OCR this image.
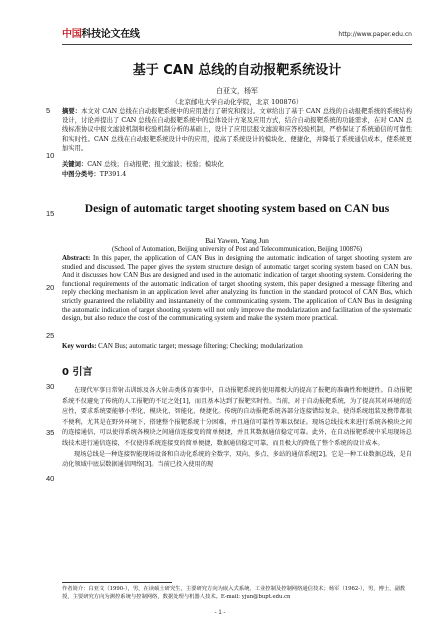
中国科技论文在线	http://www.paper.edu.cn
5
10
15
20
25
30
35
40
基于 CAN 总线的自动报靶系统设计
白亚文，杨军
（北京邮电大学自动化学院，北京 100876）
摘要：本文对 CAN 总线在自动报靶系统中的应用进行了研究和探讨。文章给出了基于 CAN 总线的自动报靶系统的系统结构设计，讨论并提出了 CAN 总线在自动报靶系统中的总体设计方案及应用方式，结合自动报靶系统的功能需求，在对 CAN 总线标准协议中报文滤波机制和校验机制分析的基础上，设计了应用层报文滤波和应答校验机制，严格保证了系统通信的可靠性和实时性。CAN 总线在自动报靶系统设计中的应用，提高了系统设计的模块化、便捷化，并降低了系统通信成本，使系统更加实用。
关键词：CAN 总线；自动报靶；报文滤波；校验；模块化
中图分类号：TP391.4
Design of automatic target shooting system based on CAN bus
Bai Yawen, Yang Jun
(School of Automation, Beijing university of Post and Telecommunication, Beijing 100876)
Abstract: In this paper, the application of CAN Bus in designing the automatic indication of target shooting system are studied and discussed. The paper gives the system structure design of automatic target scoring system based on CAN bus. And it discusses how CAN Bus are designed and used in the automatic indication of target shooting system. Considering the functional requirements of the automatic indication of target shooting system, this paper designed a message filtering and reply checking mechanism in an application level after analyzing its function in the standard protocol of CAN Bus, which strictly guaranteed the reliability and instantaneity of the communicating system. The application of CAN Bus in designing the automatic indication of target shooting system will not only improve the modularization and facilitation of the systematic design, but also reduce the cost of the communicating system and make the system more practical.
Key words: CAN Bus; automatic target; message filtering; Checking; modularization
0 引言

在现代军事日常射击训练及各大射击类体育赛事中，自动报靶系统的使用都极大的提高了报靶的准确性和便捷性。自动报靶系统不仅避免了传统的人工报靶的不足之处[1]，而且基本达到了报靶实时性。当前，对于自动报靶系统，为了提高其对环境的适应性，要求系统要能够小型化、模块化、智能化、便捷化。传统的自动报靶系统各部分连接错综复杂，使得系统组装及携带都很不便利，尤其是在野外环境下，搭建整个报靶系统十分困难，并且通信可靠性等难以保证。现场总线技术来进行系统各模块之间的连接通信，可以使得系统各模块之间通信连接变的简单便捷，并且其数据通信稳定可靠。此外，在自动报靶系统中采用现场总线技术进行通信连接，不仅使得系统连接变的简单便捷，数据通信稳定可靠，而且极大的降低了整个系统的设计成本。

现场总线是一种连接智能现场设备和自动化系统的全数字、双向、多点、多站的通信系统[2]。它是一种工业数据总线，是自动化领域中底层数据通信网络[3]。当前已投入使用的现

作者简介：白亚文（1990-），男，在读硕士研究生，主要研究方向为嵌入式系统、工业控制及控制网络通信技术；杨军（1962-），男，博士，副教授，主要研究方向为测控系统与控制网络，数据处理与机器人技术。E-mail: yjun@bupt.edu.cn
- 1 -
